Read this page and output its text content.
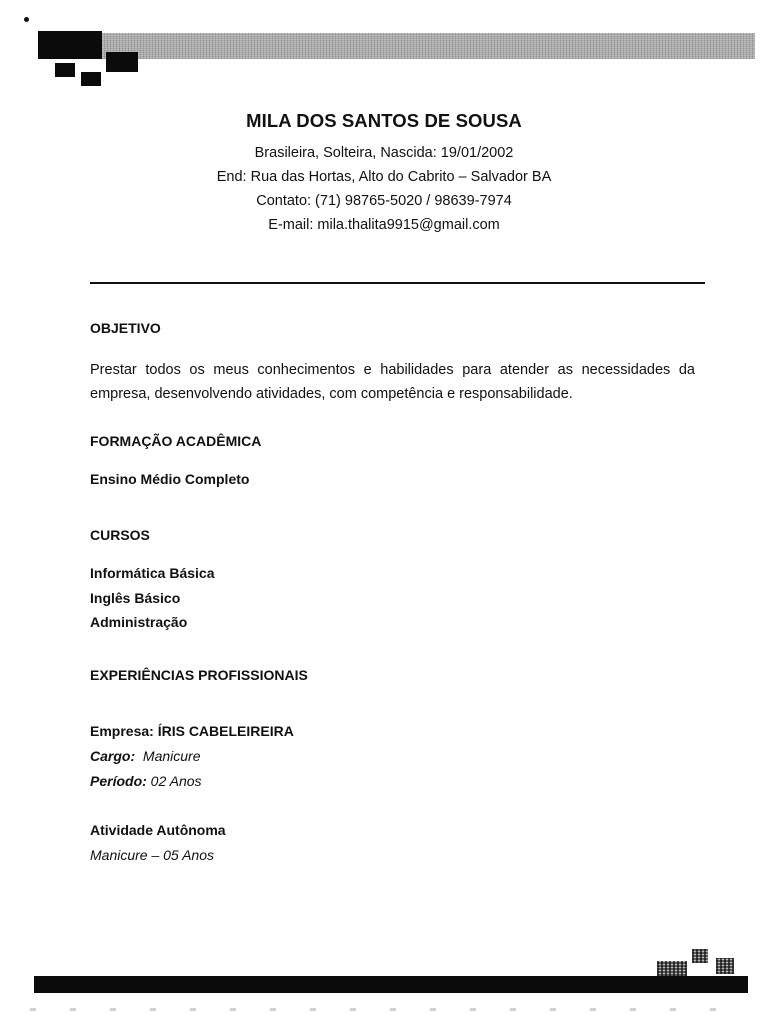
MILA DOS SANTOS DE SOUSA
Brasileira, Solteira, Nascida: 19/01/2002
End: Rua das Hortas, Alto do Cabrito – Salvador BA
Contato: (71) 98765-5020 / 98639-7974
E-mail: mila.thalita9915@gmail.com
OBJETIVO
Prestar todos os meus conhecimentos e habilidades para atender as necessidades da empresa, desenvolvendo atividades, com competência e responsabilidade.
FORMAÇÃO ACADÊMICA
Ensino Médio Completo
CURSOS
Informática Básica
Inglês Básico
Administração
EXPERIÊNCIAS PROFISSIONAIS
Empresa: ÍRIS CABELEIREIRA
Cargo: Manicure
Período: 02 Anos
Atividade Autônoma
Manicure – 05 Anos
